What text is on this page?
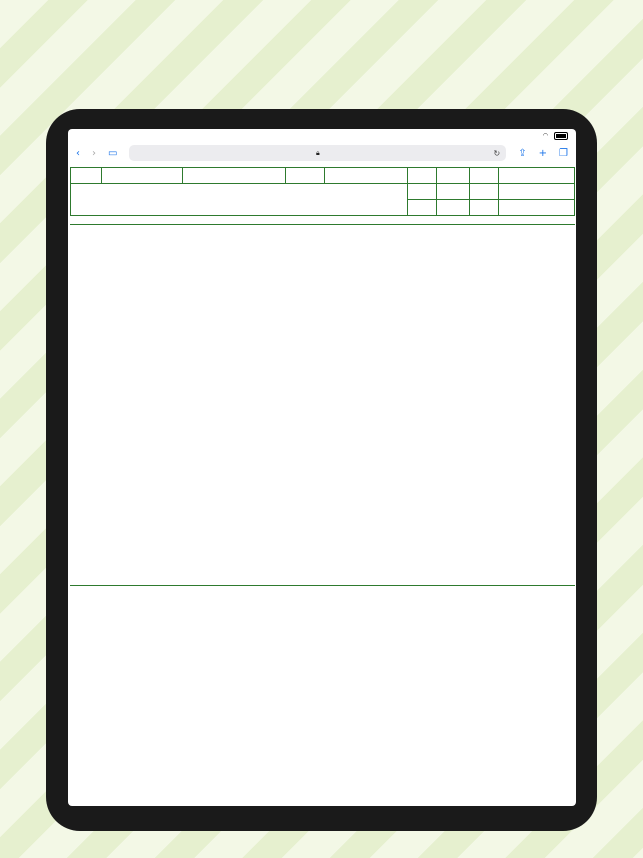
◠
‹ › ▭	🔒︎	↻ ⇪ + ❐
